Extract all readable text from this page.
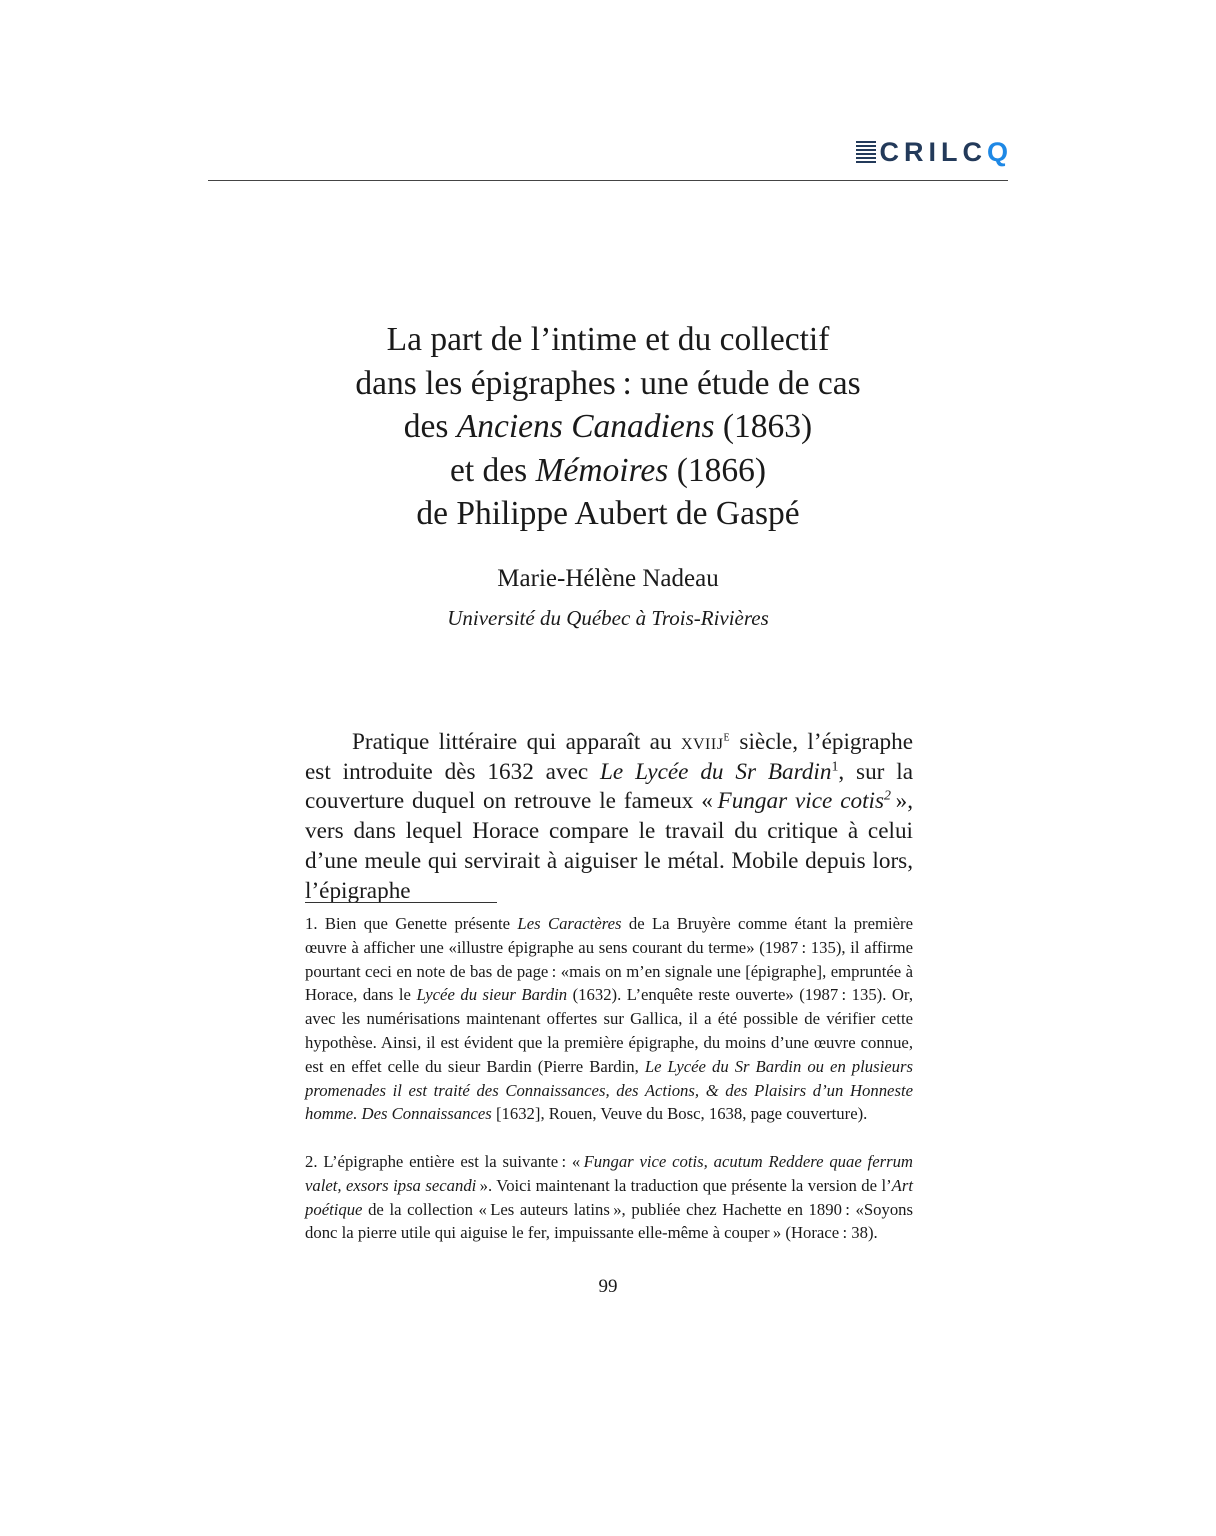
CRILCQ
La part de l’intime et du collectif
dans les épigraphes : une étude de cas
des Anciens Canadiens (1863)
et des Mémoires (1866)
de Philippe Aubert de Gaspé
Marie-Hélène Nadeau
Université du Québec à Trois-Rivières

Pratique littéraire qui apparaît au xviij$^e$ siècle, l’épigraphe est introduite dès 1632 avec Le Lycée du Sr Bardin$^1$, sur la couverture duquel on retrouve le fameux « Fungar vice cotis$^2$ », vers dans lequel Horace compare le travail du critique à celui d’une meule qui servirait à aiguiser le métal. Mobile depuis lors, l’épigraphe

1. Bien que Genette présente Les Caractères de La Bruyère comme étant la première œuvre à afficher une «illustre épigraphe au sens courant du terme» (1987 : 135), il affirme pourtant ceci en note de bas de page : «mais on m’en signale une [épigraphe], empruntée à Horace, dans le Lycée du sieur Bardin (1632). L’enquête reste ouverte» (1987 : 135). Or, avec les numérisations maintenant offertes sur Gallica, il a été possible de vérifier cette hypothèse. Ainsi, il est évident que la première épigraphe, du moins d’une œuvre connue, est en effet celle du sieur Bardin (Pierre Bardin, Le Lycée du Sr Bardin ou en plusieurs promenades il est traité des Connaissances, des Actions, & des Plaisirs d’un Honneste homme. Des Connaissances [1632], Rouen, Veuve du Bosc, 1638, page couverture).

2. L’épigraphe entière est la suivante : « Fungar vice cotis, acutum Reddere quae ferrum valet, exsors ipsa secandi ». Voici maintenant la traduction que présente la version de l’Art poétique de la collection « Les auteurs latins », publiée chez Hachette en 1890 : «Soyons donc la pierre utile qui aiguise le fer, impuissante elle-même à couper » (Horace : 38).

99
